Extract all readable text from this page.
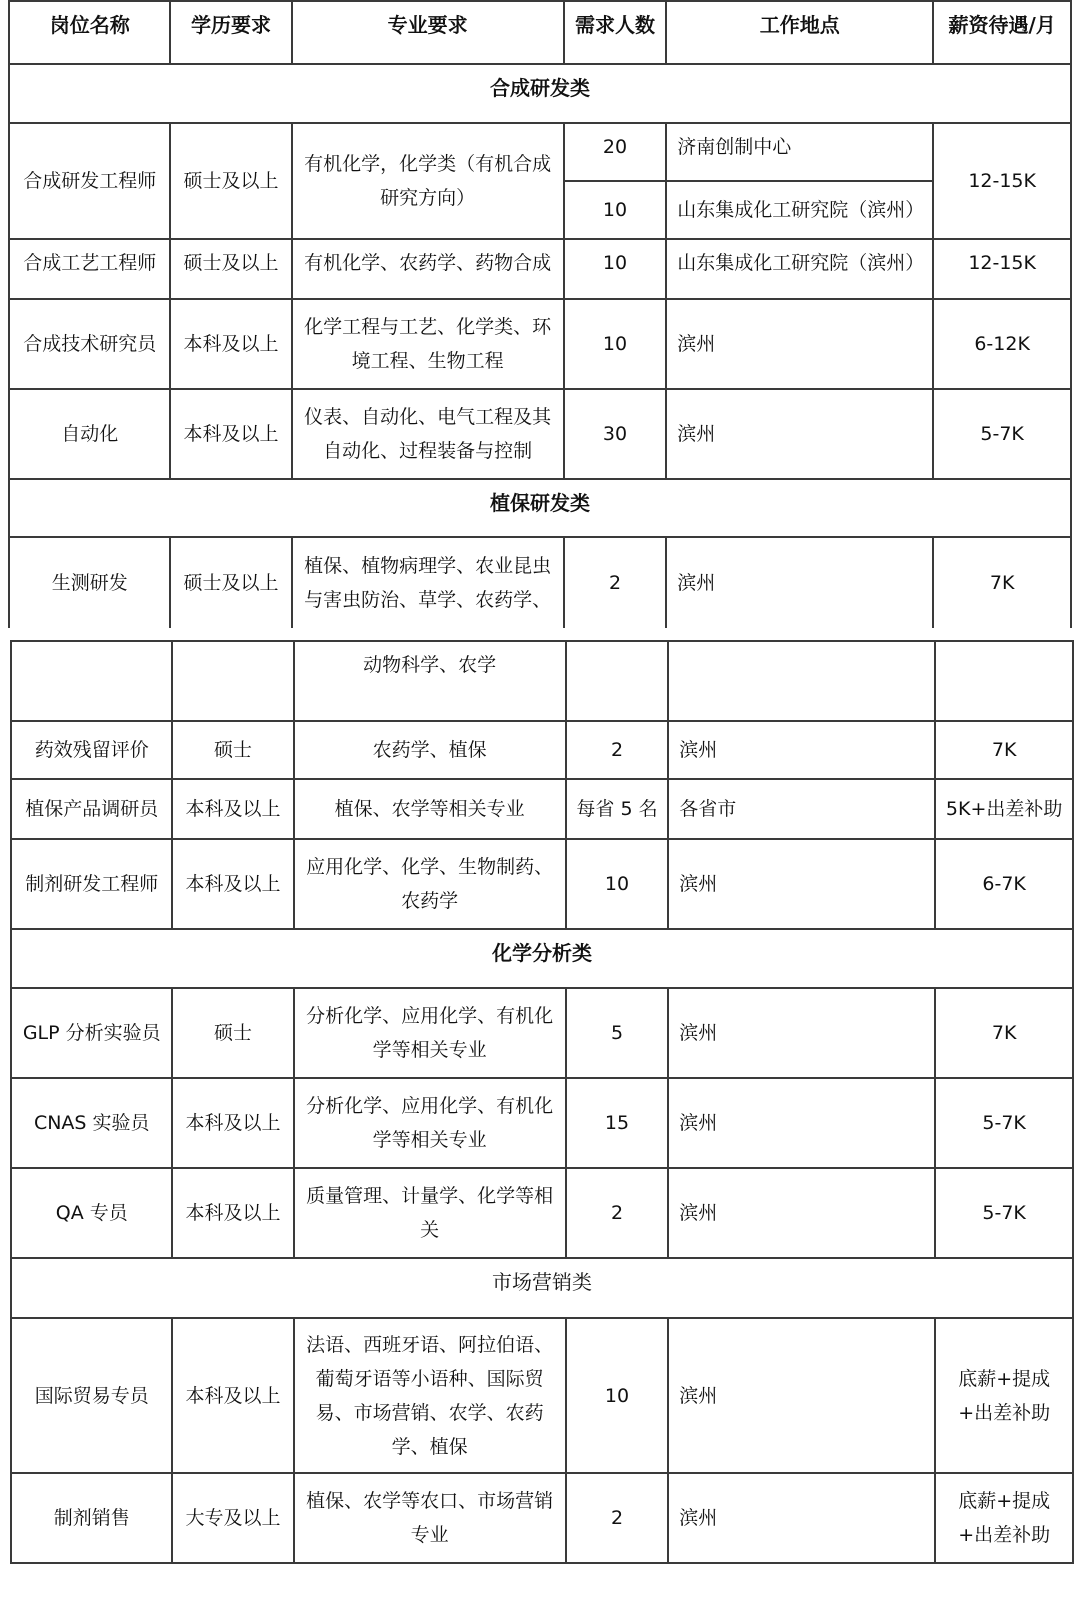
岗位名称	学历要求	专业要求	需求人数	工作地点	薪资待遇/月
合成研发类					
合成研发工程师	硕士及以上	有机化学，化学类（有机合成研究方向）	20	济南创制中心	12-15K
			10	山东集成化工研究院（滨州）	
合成工艺工程师	硕士及以上	有机化学、农药学、药物合成	10	山东集成化工研究院（滨州）	12-15K
合成技术研究员	本科及以上	化学工程与工艺、化学类、环境工程、生物工程	10	滨州	6-12K
自动化	本科及以上	仪表、自动化、电气工程及其自动化、过程装备与控制	30	滨州	5-7K
植保研发类					
生测研发	硕士及以上	植保、植物病理学、农业昆虫与害虫防治、草学、农药学、	2	滨州	7K
		动物科学、农学			
药效残留评价	硕士	农药学、植保	2	滨州	7K
植保产品调研员	本科及以上	植保、农学等相关专业	每省 5 名	各省市	5K+出差补助
制剂研发工程师	本科及以上	应用化学、化学、生物制药、农药学	10	滨州	6-7K
化学分析类					
GLP 分析实验员	硕士	分析化学、应用化学、有机化学等相关专业	5	滨州	7K
CNAS 实验员	本科及以上	分析化学、应用化学、有机化学等相关专业	15	滨州	5-7K
QA 专员	本科及以上	质量管理、计量学、化学等相关	2	滨州	5-7K
市场营销类					
国际贸易专员	本科及以上	法语、西班牙语、阿拉伯语、葡萄牙语等小语种、国际贸易、市场营销、农学、农药学、植保	10	滨州	底薪+提成+出差补助
制剂销售	大专及以上	植保、农学等农口、市场营销专业	2	滨州	底薪+提成+出差补助
